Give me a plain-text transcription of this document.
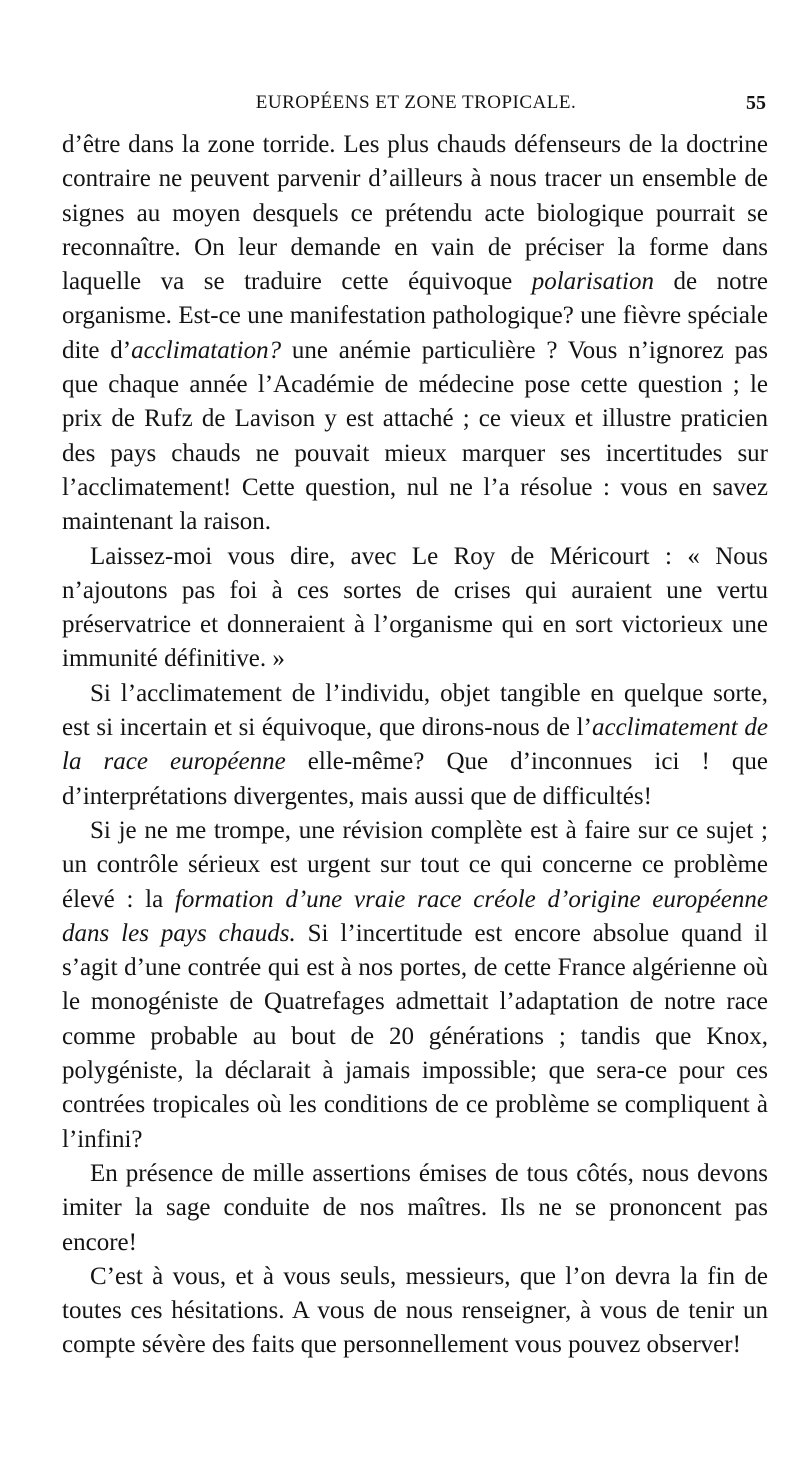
EUROPÉENS ET ZONE TROPICALE.	55

d’être dans la zone torride. Les plus chauds défenseurs de la doctrine contraire ne peuvent parvenir d’ailleurs à nous tracer un ensemble de signes au moyen desquels ce prétendu acte biologique pourrait se reconnaître. On leur demande en vain de préciser la forme dans laquelle va se traduire cette équivoque polarisation de notre organisme. Est-ce une manifestation pathologique? une fièvre spéciale dite d’acclimatation? une anémie particulière ? Vous n’ignorez pas que chaque année l’Académie de médecine pose cette question ; le prix de Rufz de Lavison y est attaché ; ce vieux et illustre praticien des pays chauds ne pouvait mieux marquer ses incertitudes sur l’acclimatement! Cette question, nul ne l’a résolue : vous en savez maintenant la raison.

Laissez-moi vous dire, avec Le Roy de Méricourt : « Nous n’ajoutons pas foi à ces sortes de crises qui auraient une vertu préservatrice et donneraient à l’organisme qui en sort victorieux une immunité définitive. »

Si l’acclimatement de l’individu, objet tangible en quelque sorte, est si incertain et si équivoque, que dirons-nous de l’acclimatement de la race européenne elle-même? Que d’inconnues ici ! que d’interprétations divergentes, mais aussi que de difficultés!

Si je ne me trompe, une révision complète est à faire sur ce sujet ; un contrôle sérieux est urgent sur tout ce qui concerne ce problème élevé : la formation d’une vraie race créole d’origine européenne dans les pays chauds. Si l’incertitude est encore absolue quand il s’agit d’une contrée qui est à nos portes, de cette France algérienne où le monogéniste de Quatrefages admettait l’adaptation de notre race comme probable au bout de 20 générations ; tandis que Knox, polygéniste, la déclarait à jamais impossible; que sera-ce pour ces contrées tropicales où les conditions de ce problème se compliquent à l’infini?

En présence de mille assertions émises de tous côtés, nous devons imiter la sage conduite de nos maîtres. Ils ne se prononcent pas encore!

C’est à vous, et à vous seuls, messieurs, que l’on devra la fin de toutes ces hésitations. A vous de nous renseigner, à vous de tenir un compte sévère des faits que personnellement vous pouvez observer!
